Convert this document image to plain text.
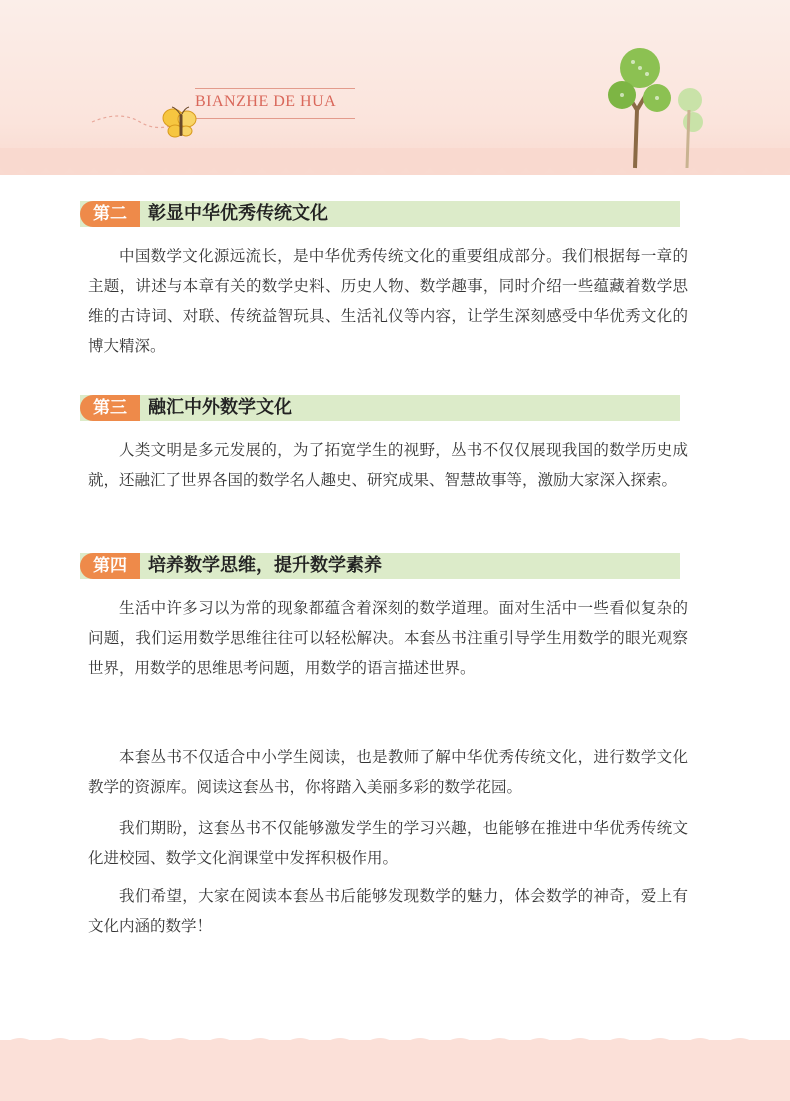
BIANZHE DE HUA
第二	彰显中华优秀传统文化
中国数学文化源远流长，是中华优秀传统文化的重要组成部分。我们根据每一章的主题，讲述与本章有关的数学史料、历史人物、数学趣事，同时介绍一些蕴藏着数学思维的古诗词、对联、传统益智玩具、生活礼仪等内容，让学生深刻感受中华优秀文化的博大精深。
第三	融汇中外数学文化
人类文明是多元发展的，为了拓宽学生的视野，丛书不仅仅展现我国的数学历史成就，还融汇了世界各国的数学名人趣史、研究成果、智慧故事等，激励大家深入探索。
第四	培养数学思维，提升数学素养
生活中许多习以为常的现象都蕴含着深刻的数学道理。面对生活中一些看似复杂的问题，我们运用数学思维往往可以轻松解决。本套丛书注重引导学生用数学的眼光观察世界，用数学的思维思考问题，用数学的语言描述世界。
本套丛书不仅适合中小学生阅读，也是教师了解中华优秀传统文化，进行数学文化教学的资源库。阅读这套丛书，你将踏入美丽多彩的数学花园。
我们期盼，这套丛书不仅能够激发学生的学习兴趣，也能够在推进中华优秀传统文化进校园、数学文化润课堂中发挥积极作用。
我们希望，大家在阅读本套丛书后能够发现数学的魅力，体会数学的神奇，爱上有文化内涵的数学！
